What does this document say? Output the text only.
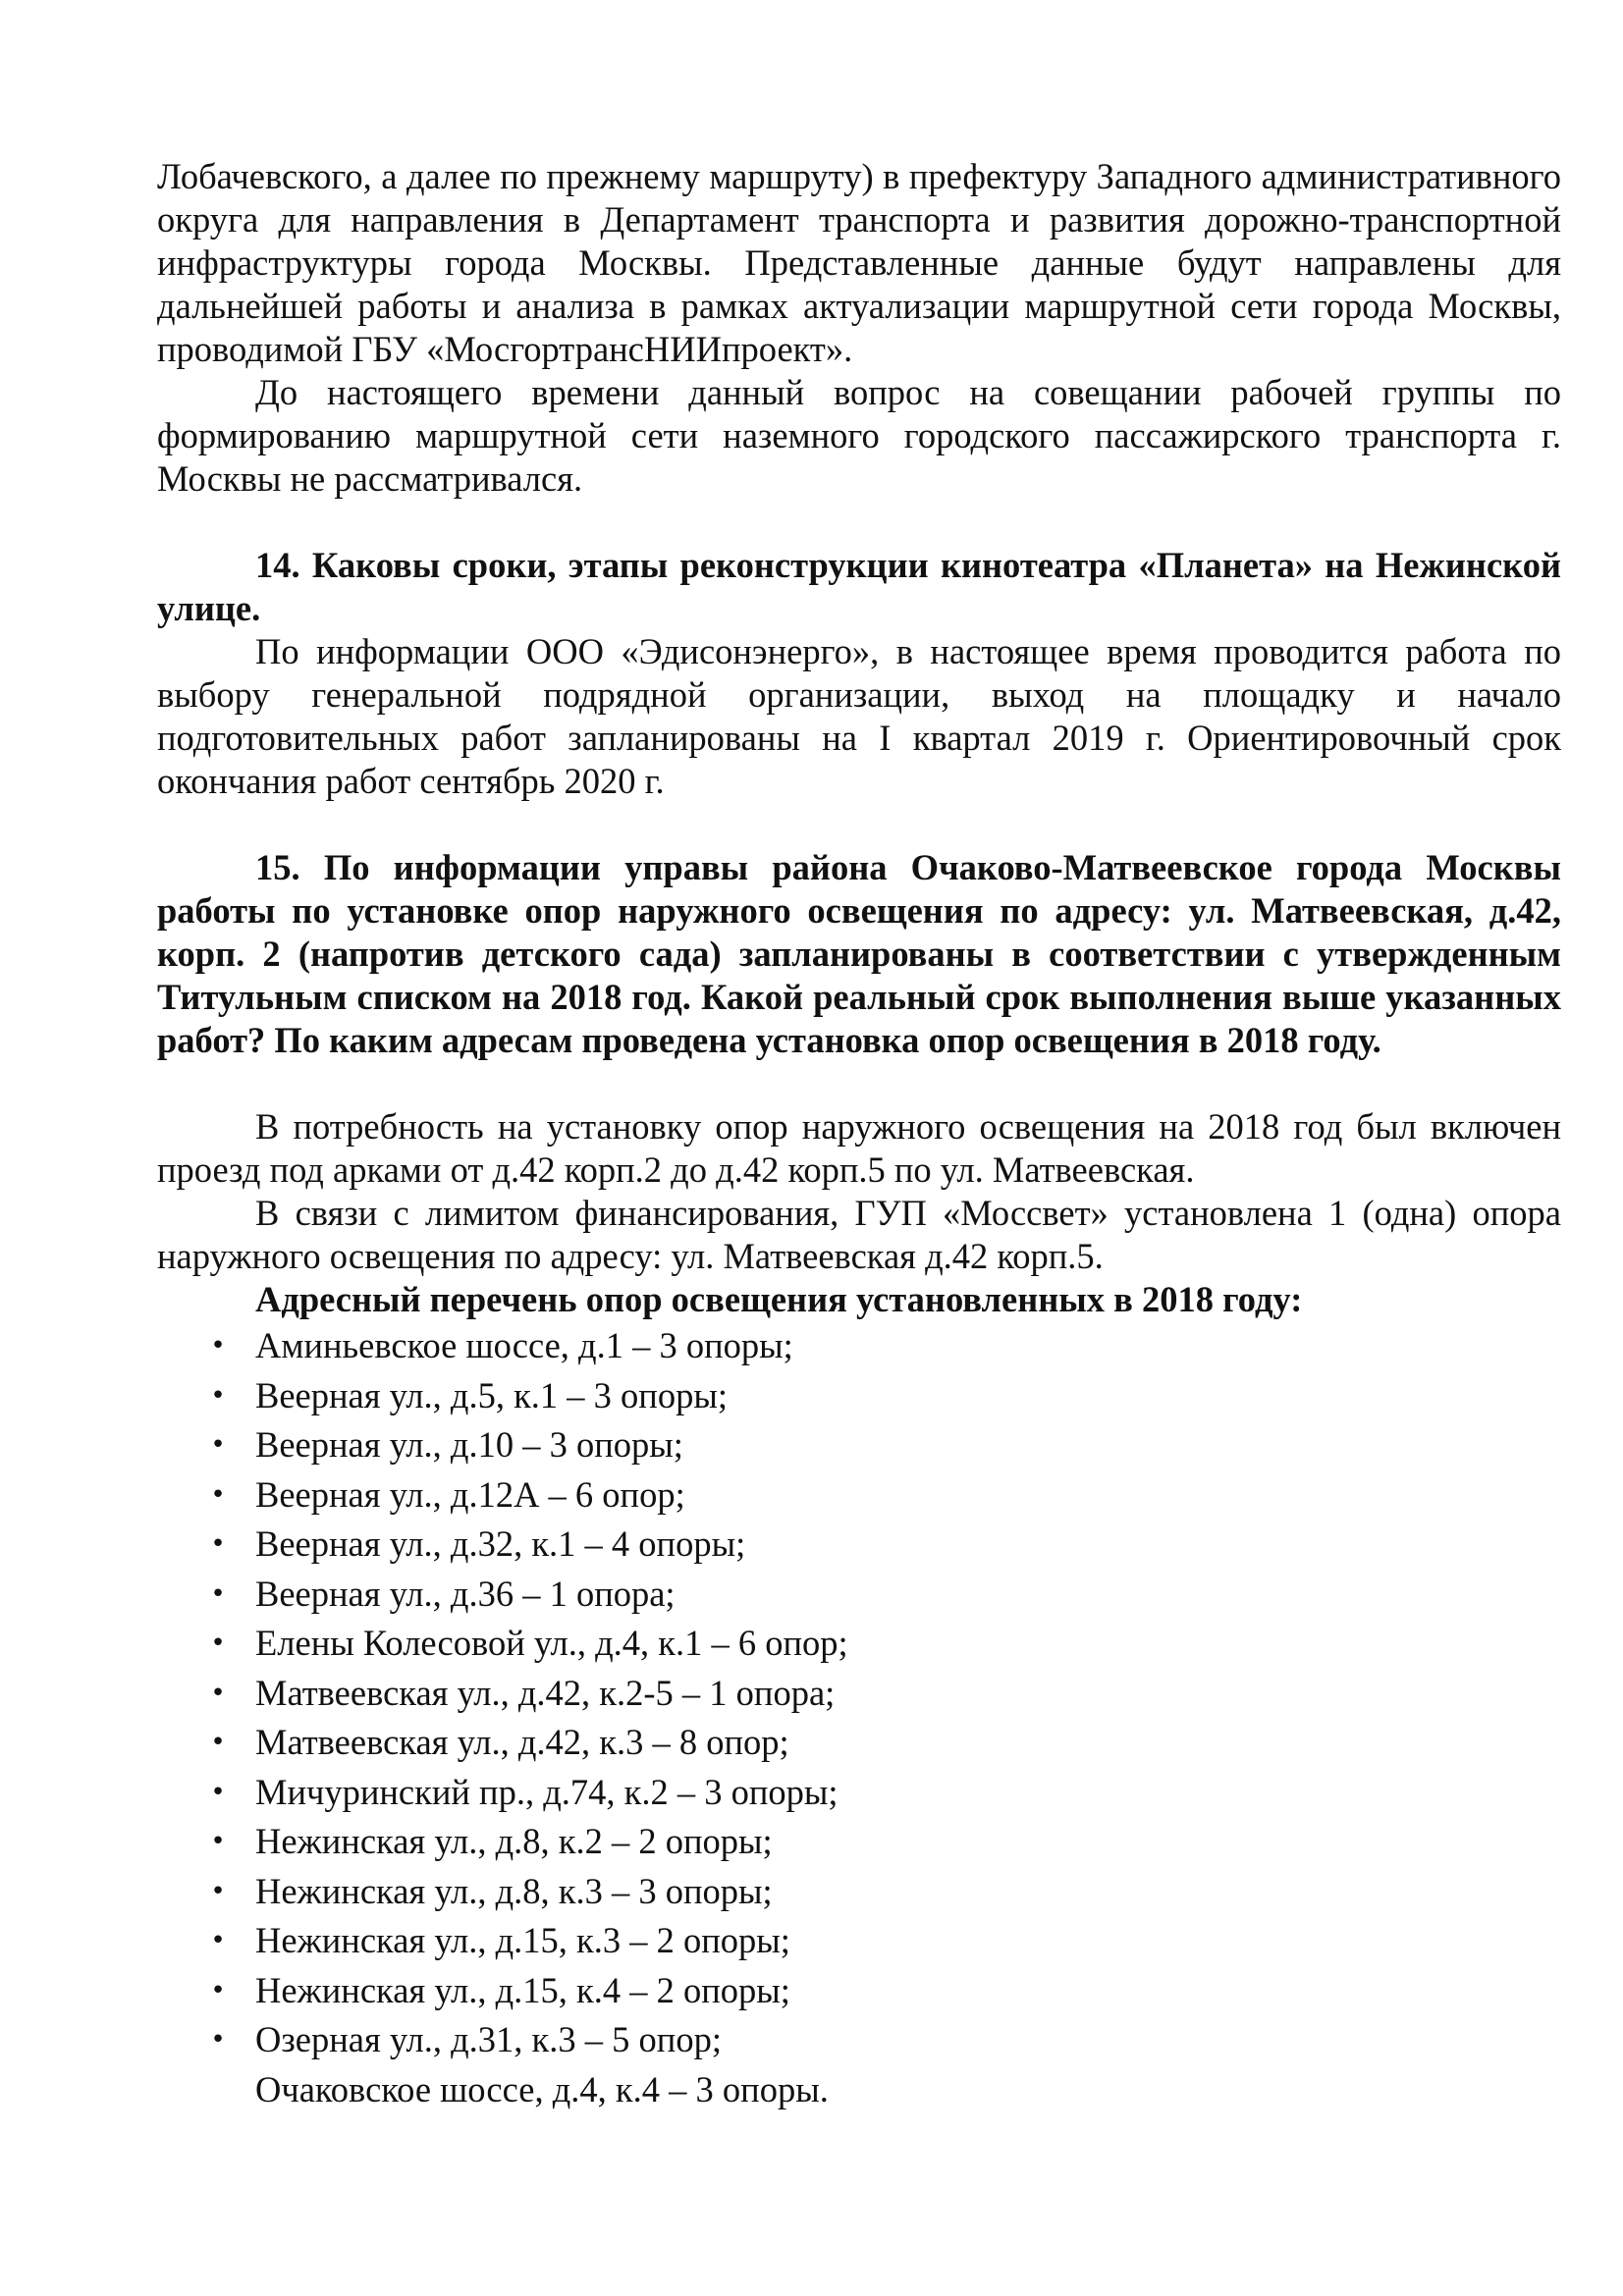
Лобачевского, а далее по прежнему маршруту) в префектуру Западного административного округа для направления в Департамент транспорта и развития дорожно-транспортной инфраструктуры города Москвы. Представленные данные будут направлены для дальнейшей работы и анализа в рамках актуализации маршрутной сети города Москвы, проводимой ГБУ «МосгортрансНИИпроект».

До настоящего времени данный вопрос на совещании рабочей группы по формированию маршрутной сети наземного городского пассажирского транспорта г. Москвы не рассматривался.

14. Каковы сроки, этапы реконструкции кинотеатра «Планета» на Нежинской улице.

По информации ООО «Эдисонэнерго», в настоящее время проводится работа по выбору генеральной подрядной организации, выход на площадку и начало подготовительных работ запланированы на I квартал 2019 г. Ориентировочный срок окончания работ сентябрь 2020 г.

15. По информации управы района Очаково-Матвеевское города Москвы работы по установке опор наружного освещения по адресу: ул. Матвеевская, д.42, корп. 2 (напротив детского сада) запланированы в соответствии с утвержденным Титульным списком на 2018 год. Какой реальный срок выполнения выше указанных работ? По каким адресам проведена установка опор освещения в 2018 году.

В потребность на установку опор наружного освещения на 2018 год был включен проезд под арками от д.42 корп.2 до д.42 корп.5 по ул. Матвеевская.

В связи с лимитом финансирования, ГУП «Моссвет» установлена 1 (одна) опора наружного освещения по адресу: ул. Матвеевская д.42 корп.5.

Адресный перечень опор освещения установленных в 2018 году:

• Аминьевское шоссе, д.1 – 3 опоры;
• Веерная ул., д.5, к.1 – 3 опоры;
• Веерная ул., д.10 – 3 опоры;
• Веерная ул., д.12А – 6 опор;
• Веерная ул., д.32, к.1 – 4 опоры;
• Веерная ул., д.36 – 1 опора;
• Елены Колесовой ул., д.4, к.1 – 6 опор;
• Матвеевская ул., д.42, к.2-5 – 1 опора;
• Матвеевская ул., д.42, к.3 – 8 опор;
• Мичуринский пр., д.74, к.2 – 3 опоры;
• Нежинская ул., д.8, к.2 – 2 опоры;
• Нежинская ул., д.8, к.3 – 3 опоры;
• Нежинская ул., д.15, к.3 – 2 опоры;
• Нежинская ул., д.15, к.4 – 2 опоры;
• Озерная ул., д.31, к.3 – 5 опор;
Очаковское шоссе, д.4, к.4 – 3 опоры.
